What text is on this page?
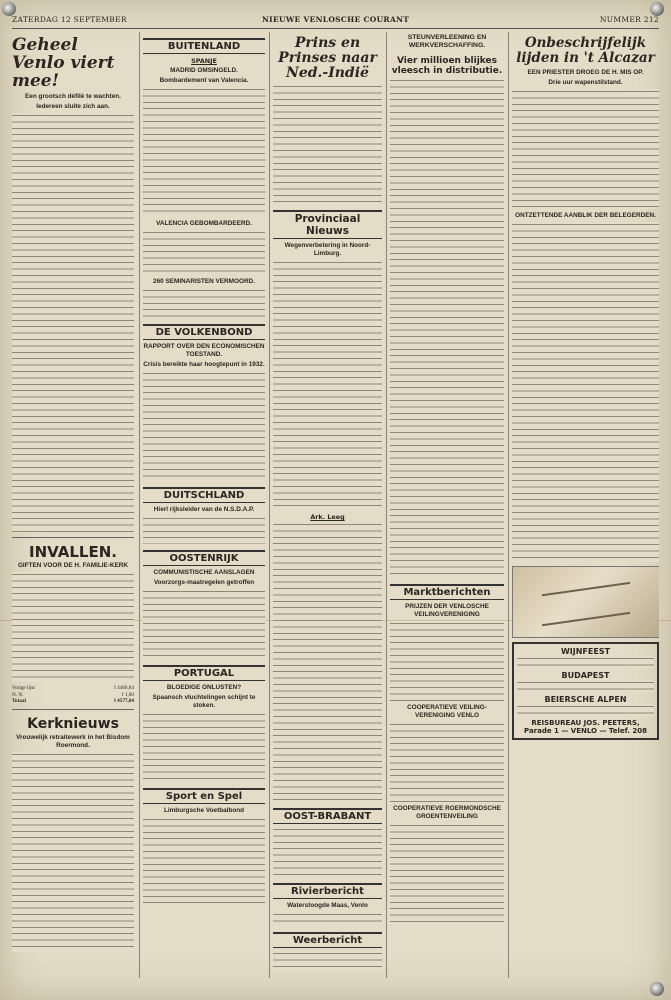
ZATERDAG 12 SEPTEMBER	NIEUWE VENLOSCHE COURANT	NUMMER 212
Geheel Venlo viert mee!
Een grootsch défilé te wachten.
Iedereen sluite zich aan.
INVALLEN.
GIFTEN VOOR DE H. FAMILIE-KERK
Vorige lijst	f 4466,84
N. N.	f 1,00
Totaal	f 4577,84
Kerknieuws
Vrouwelijk retraitewerk in het Bisdom Roermond.
BUITENLAND
SPANJE
MADRID OMSINGELD.
Bombardement van Valencia.
VALENCIA GEBOMBARDEERD.
260 SEMINARISTEN VERMOORD.
DE VOLKENBOND
RAPPORT OVER DEN ECONOMISCHEN TOESTAND.
Crisis bereikte haar hoogtepunt in 1932.
DUITSCHLAND
Hierl rijksleider van de N.S.D.A.P.
OOSTENRIJK
COMMUNISTISCHE AANSLAGEN
Voorzorgs-maatregelen getroffen
PORTUGAL
BLOEDIGE ONLUSTEN?
Spaansch vluchtelingen schijnt te stoken.
Sport en Spel
Limburgsche Voetbalbond
Prins en Prinses naar Ned.-Indië
Provinciaal Nieuws
Wegenverbetering in Noord-Limburg.
Ark. Leeg
OOST-BRABANT
Rivierbericht
Waterstoogde Maas, Venlo
Weerbericht
STEUNVERLEENING EN WERKVERSCHAFFING.
Vier millioen blijkes vleesch in distributie.
Marktberichten
PRIJZEN DER VENLOSCHE VEILINGVERENIGING
COOPERATIEVE VEILING-VERENIGING VENLO
COOPERATIEVE ROERMONDSCHE GROENTENVEILING
Onbeschrijfelijk lijden in 't Alcazar
EEN PRIESTER DROEG DE H. MIS OP.
Drie uur wapenstilstand.
ONTZETTENDE AANBLIK DER BELEGERDEN.
WIJNFEEST
BUDAPEST
BEIERSCHE ALPEN
REISBUREAU JOS. PEETERS,
Parade 1 — VENLO — Telef. 208
